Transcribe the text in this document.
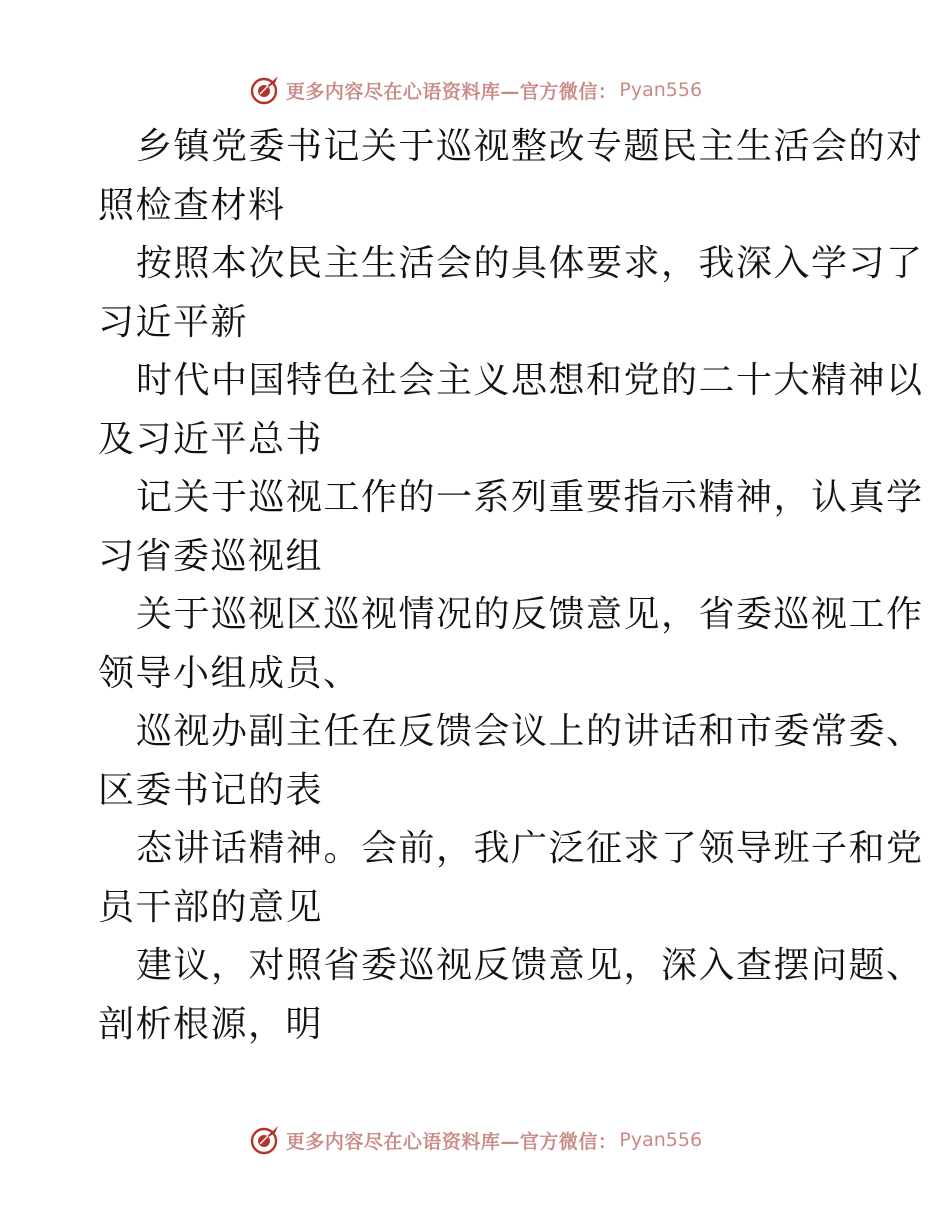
更多内容尽在心语资料库—官方微信： Pyan556
乡镇党委书记关于巡视整改专题民主生活会的对
照检查材料
按照本次民主生活会的具体要求，我深入学习了
习近平新
时代中国特色社会主义思想和党的二十大精神以
及习近平总书
记关于巡视工作的一系列重要指示精神，认真学
习省委巡视组
关于巡视区巡视情况的反馈意见，省委巡视工作
领导小组成员、
巡视办副主任在反馈会议上的讲话和市委常委、
区委书记的表
态讲话精神。会前，我广泛征求了领导班子和党
员干部的意见
建议，对照省委巡视反馈意见，深入查摆问题、
剖析根源，明
更多内容尽在心语资料库—官方微信： Pyan556
